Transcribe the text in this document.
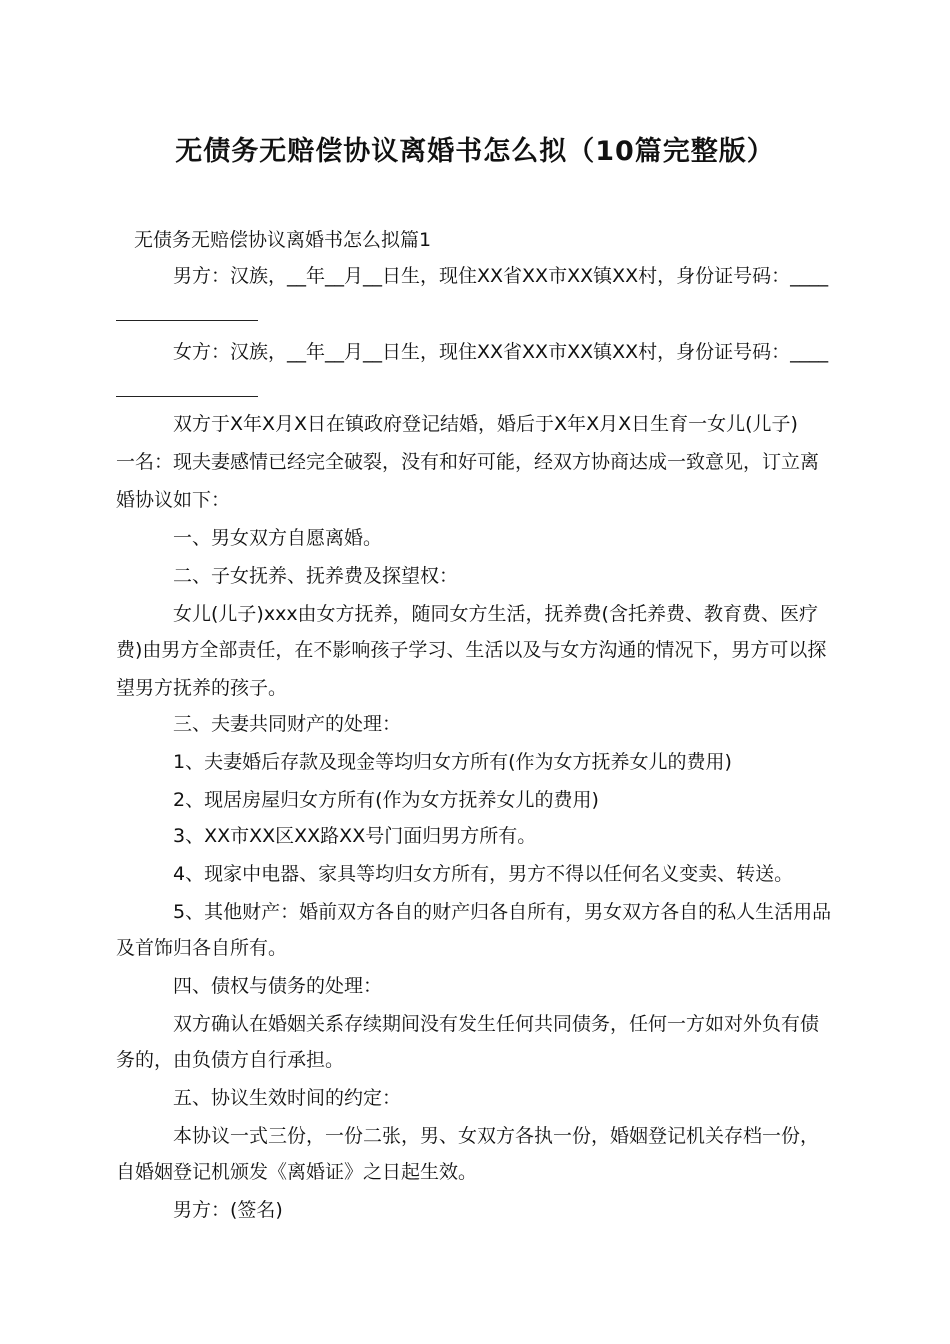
无债务无赔偿协议离婚书怎么拟（10篇完整版）

无债务无赔偿协议离婚书怎么拟篇1

男方：汉族，__年__月__日生，现住XX省XX市XX镇XX村，身份证号码：____

女方：汉族，__年__月__日生，现住XX省XX市XX镇XX村，身份证号码：____

双方于X年X月X日在镇政府登记结婚，婚后于X年X月X日生育一女儿(儿子)

一名：现夫妻感情已经完全破裂，没有和好可能，经双方协商达成一致意见，订立离

婚协议如下：

一、男女双方自愿离婚。

二、子女抚养、抚养费及探望权：

女儿(儿子)xxx由女方抚养，随同女方生活，抚养费(含托养费、教育费、医疗

费)由男方全部责任，在不影响孩子学习、生活以及与女方沟通的情况下，男方可以探

望男方抚养的孩子。

三、夫妻共同财产的处理：

1、夫妻婚后存款及现金等均归女方所有(作为女方抚养女儿的费用)

2、现居房屋归女方所有(作为女方抚养女儿的费用)

3、XX市XX区XX路XX号门面归男方所有。

4、现家中电器、家具等均归女方所有，男方不得以任何名义变卖、转送。

5、其他财产：婚前双方各自的财产归各自所有，男女双方各自的私人生活用品

及首饰归各自所有。

四、债权与债务的处理：

双方确认在婚姻关系存续期间没有发生任何共同债务，任何一方如对外负有债

务的，由负债方自行承担。

五、协议生效时间的约定：

本协议一式三份，一份二张，男、女双方各执一份，婚姻登记机关存档一份，

自婚姻登记机颁发《离婚证》之日起生效。

男方：(签名)
